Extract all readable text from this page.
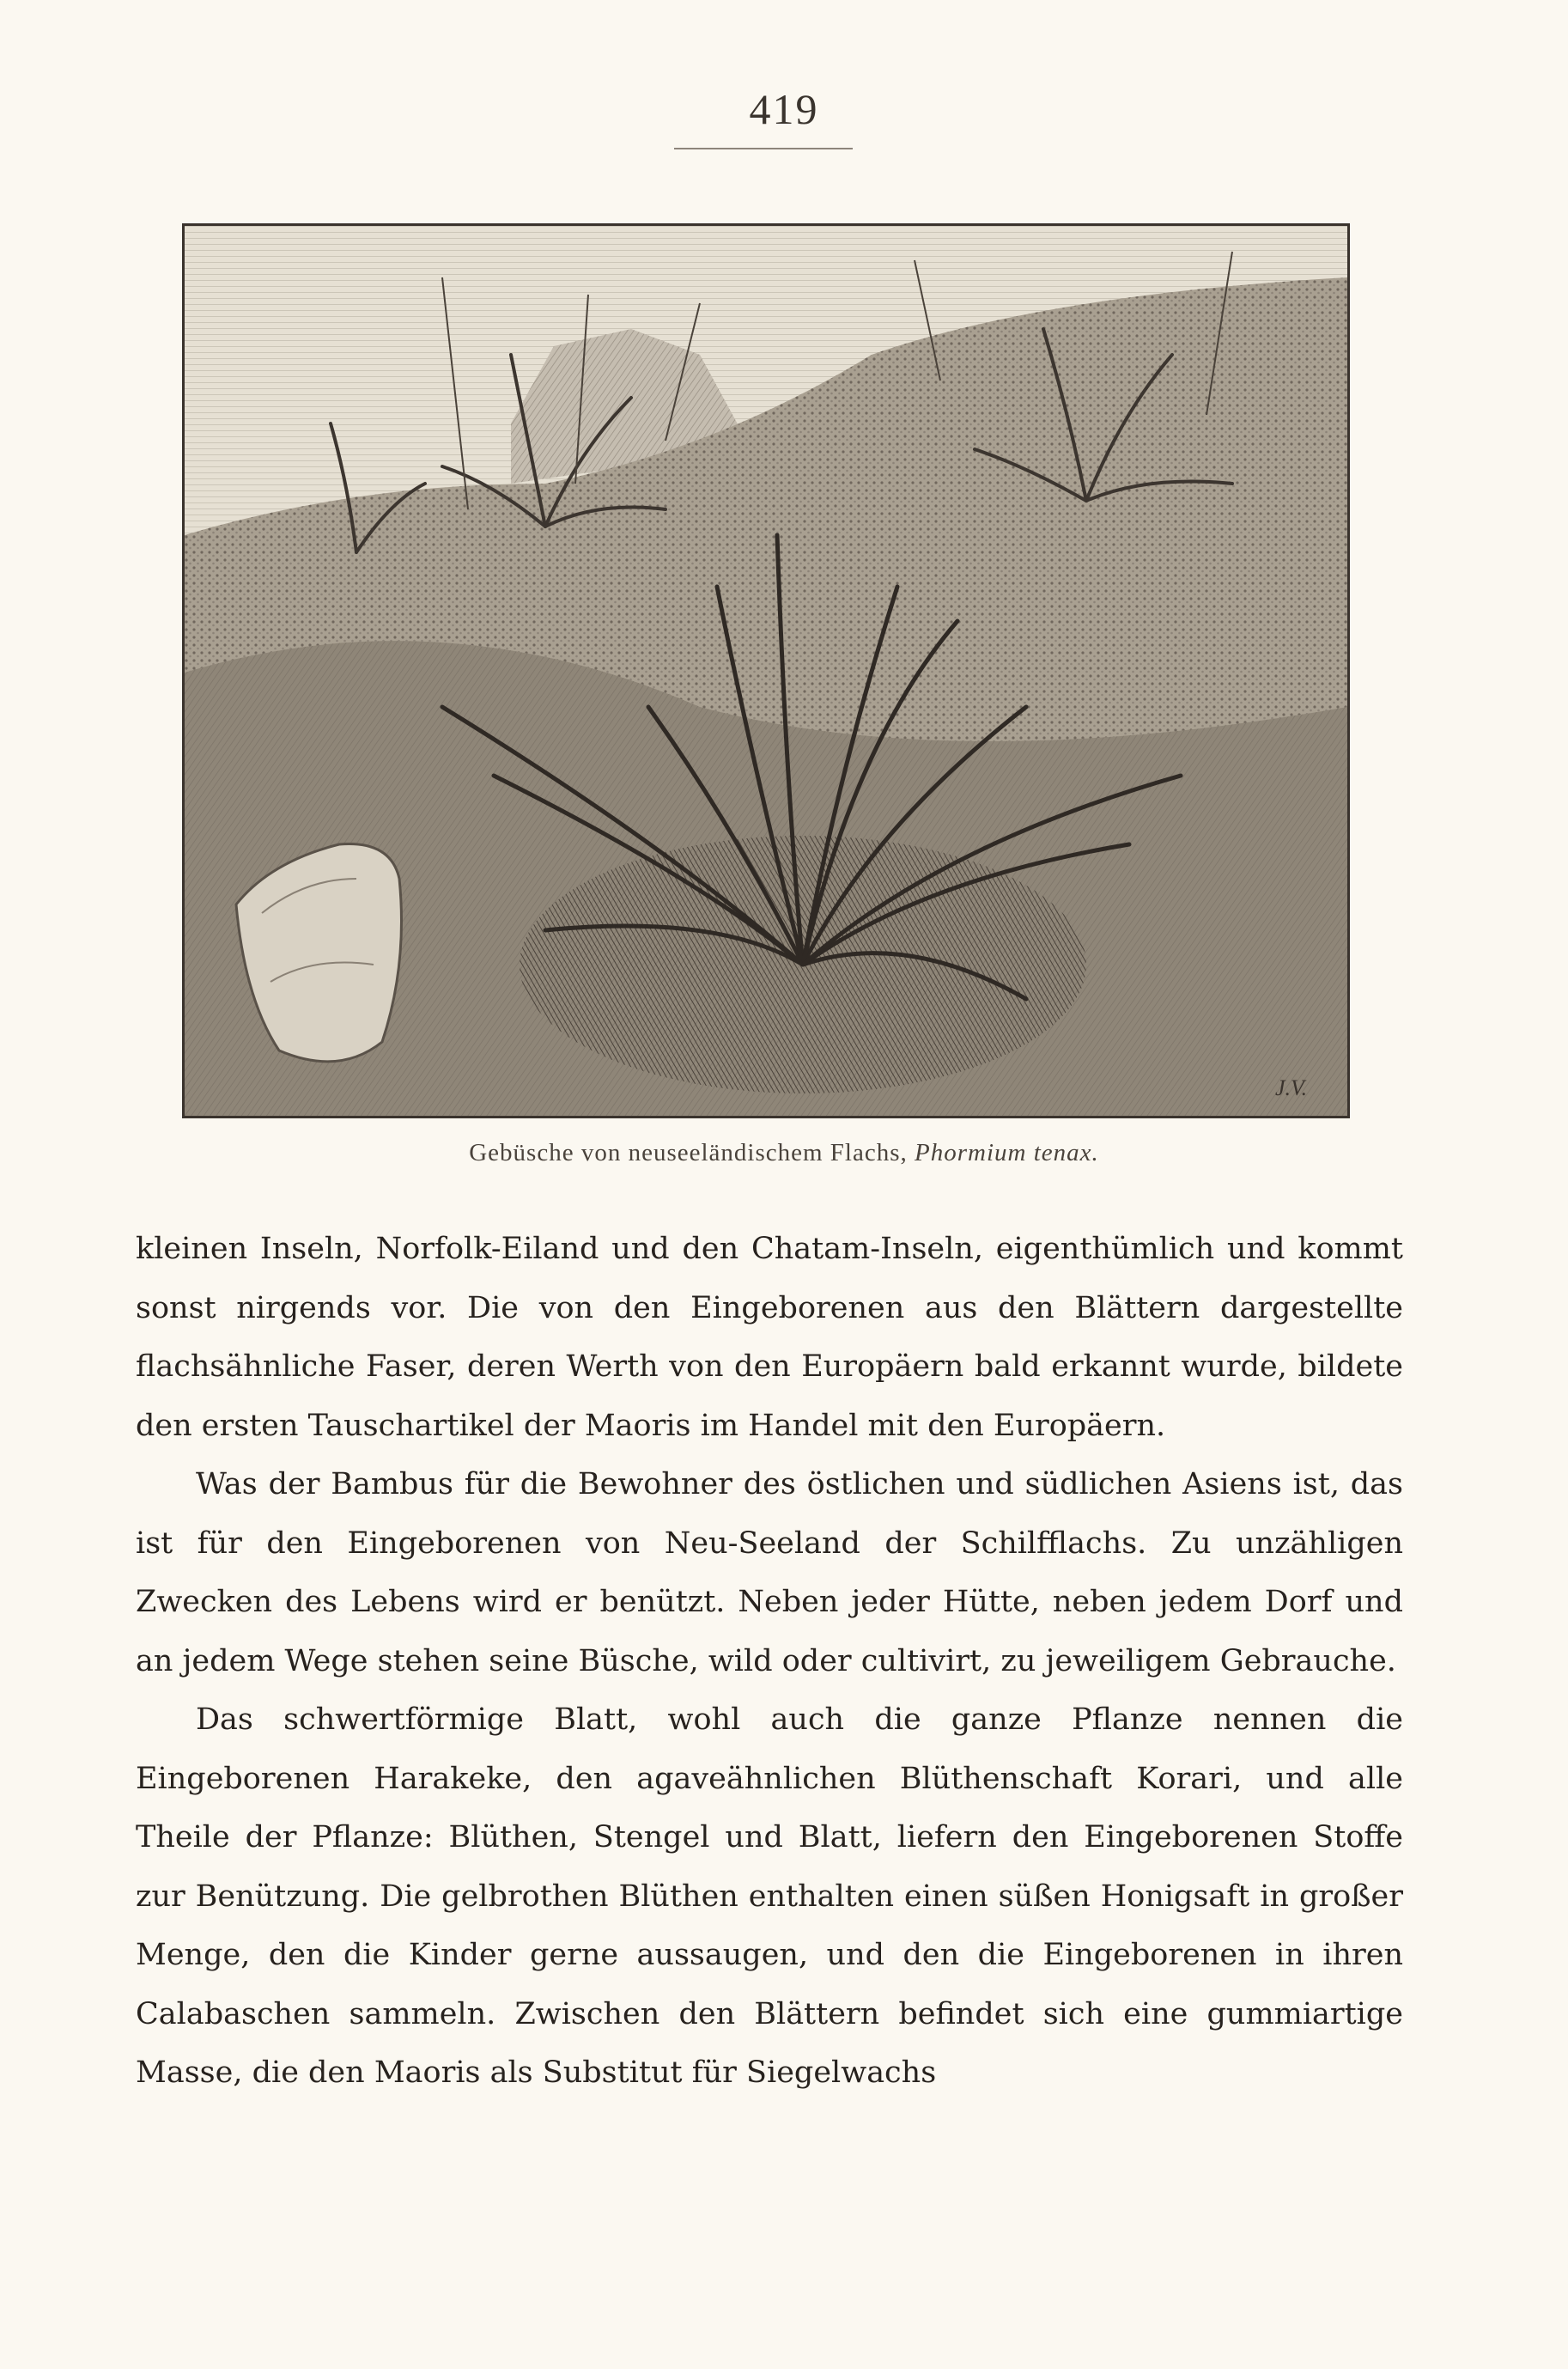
419
J.V.
Gebüsche von neuseeländischem Flachs, Phormium tenax.

kleinen Inseln, Norfolk-Eiland und den Chatam-Inseln, eigenthümlich und kommt sonst nirgends vor. Die von den Eingeborenen aus den Blättern dargestellte flachsähnliche Faser, deren Werth von den Europäern bald erkannt wurde, bildete den ersten Tauschartikel der Maoris im Handel mit den Europäern.

Was der Bambus für die Bewohner des östlichen und südlichen Asiens ist, das ist für den Eingeborenen von Neu-Seeland der Schilfflachs. Zu unzähligen Zwecken des Lebens wird er benützt. Neben jeder Hütte, neben jedem Dorf und an jedem Wege stehen seine Büsche, wild oder cultivirt, zu jeweiligem Gebrauche.

Das schwertförmige Blatt, wohl auch die ganze Pflanze nennen die Eingeborenen Harakeke, den agaveähnlichen Blüthenschaft Korari, und alle Theile der Pflanze: Blüthen, Stengel und Blatt, liefern den Eingeborenen Stoffe zur Benützung. Die gelbrothen Blüthen enthalten einen süßen Honigsaft in großer Menge, den die Kinder gerne aussaugen, und den die Eingeborenen in ihren Calabaschen sammeln. Zwischen den Blättern befindet sich eine gummiartige Masse, die den Maoris als Substitut für Siegelwachs
